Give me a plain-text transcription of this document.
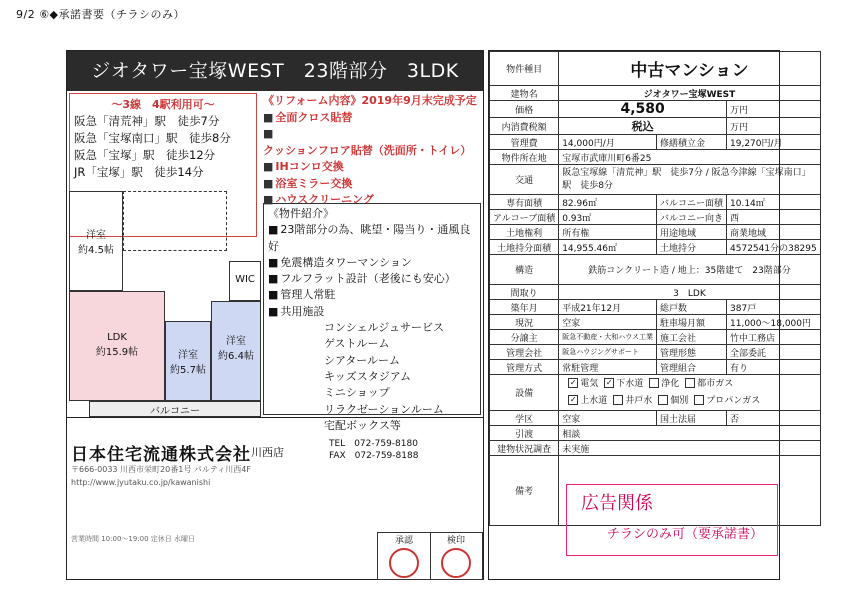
9/2 ⑥◆承諾書要（チラシのみ）
ジオタワー宝塚WEST　23階部分　3LDK
～3線　4駅利用可～
阪急「清荒神」駅　徒歩7分
阪急「宝塚南口」駅　徒歩8分
阪急「宝塚」駅　徒歩12分
JR「宝塚」駅　徒歩14分
洋室
約4.5帖
WIC
LDK
約15.9帖	洋室
約5.7帖
洋室
約6.4帖
バルコニー
《リフォーム内容》2019年9月末完成予定
■ 全面クロス貼替
■ クッションフロア貼替（洗面所・トイレ）
■ IHコンロ交換
■ 浴室ミラー交換
■ ハウスクリーニング
《物件紹介》
■ 23階部分の為、眺望・陽当り・通風良好
■ 免震構造タワーマンション
■ フルフラット設計（老後にも安心）
■ 管理人常駐
■ 共用施設
コンシェルジュサービス
ゲストルーム
シアタールーム
キッズスタジアム
ミニショップ
リラクゼーションルーム
宅配ボックス等
日本住宅流通株式会社 川西店
TEL　072-759-8180
FAX　072-759-8188
〒666-0033 川西市栄町20番1号 パルティ川西4F
http://www.jyutaku.co.jp/kawanishi
営業時間 10:00～19:00 定休日 水曜日	承認	検印
物件種目	中古マンション		
建物名	ジオタワー宝塚WEST		
価格	4,580		万円
内消費税額	税込		万円
管理費	14,000円/月	修繕積立金	19,270円/月
物件所在地	宝塚市武庫川町6番25		
交通	阪急宝塚線「清荒神」駅　徒歩7分 / 阪急今津線「宝塚南口」駅　徒歩8分		
専有面積	82.96㎡	バルコニー面積	10.14㎡
アルコーブ面積	0.93㎡	バルコニー向き	西
土地権利	所有権	用途地域	商業地域
土地持分面積	14,955.46㎡	土地持分	4572541分の38295
構造	鉄筋コンクリート造 / 地上：35階建て　23階部分		
間取り	3　LDK		
築年月	平成21年12月	総戸数	387戸
現況	空家	駐車場月額	11,000～18,000円
分譲主	阪急不動産・大和ハウス工業	施工会社	竹中工務店
管理会社	阪急ハウジングサポート	管理形態	全部委託
管理方式	常駐管理	管理組合	有り
設備	✓ 電気 ✓ 下水道 浄化 都市ガス
✓ 上水道 井戸水 個別 プロパンガス		
学区	空家	国土法届	否
引渡	相談		
建物状況調査	未実施		
備考			
広告関係
チラシのみ可（要承諾書）
